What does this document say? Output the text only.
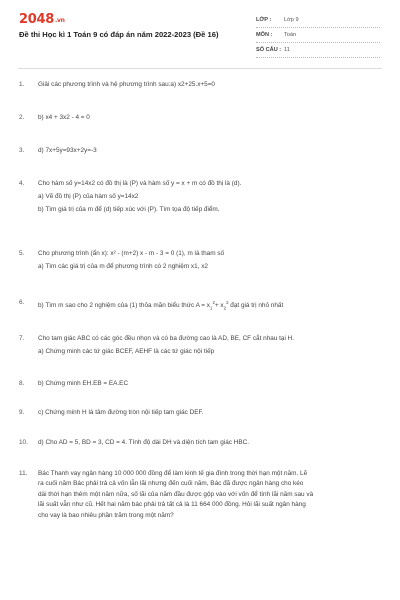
2048.vn
Đề thi Học kì 1 Toán 9 có đáp án năm 2022-2023 (Đề 16)
LỚP :	Lớp 9
MÔN :	Toán
SỐ CÂU : 11
1.	Giải các phương trình và hệ phương trình sau:a) x2+25.x+5=0

2.	b) x4 + 3x2 - 4 = 0

3.	d) 7x+5y=93x+2y=-3

4.	Cho hàm số y=14x2 có đồ thị là (P) và hàm số y = x + m có đồ thị là (d).

a) Vẽ đồ thị (P) của hàm số y=14x2

b) Tìm giá trị của m để (d) tiếp xúc với (P). Tìm tọa độ tiếp điểm.

5.	Cho phương trình (ẩn x): x² - (m+2) x - m - 3 = 0 (1), m là tham số

a) Tìm các giá trị của m để phương trình có 2 nghiệm x1, x2

6.	b) Tìm m sao cho 2 nghiệm của (1) thỏa mãn biểu thức $A = x_1^2+ x_2^2$ đạt giá trị nhỏ nhất

7.	Cho tam giác ABC có các góc đều nhọn và có ba đường cao là AD, BE, CF cắt nhau tại H.

a) Chứng minh các tứ giác BCEF, AEHF là các tứ giác nội tiếp

8.	b) Chứng minh EH.EB = EA.EC

9.	c) Chứng minh H là tâm đường tròn nội tiếp tam giác DEF.

10.	d) Cho AD = 5, BD = 3, CD = 4. Tính độ dài DH và diện tích tam giác HBC.

11.	Bác Thanh vay ngân hàng 10 000 000 đồng để làm kinh tế gia đình trong thời hạn một năm. Lẽ

ra cuối năm Bác phải trả cả vốn lẫn lãi nhưng đến cuối năm, Bác đã được ngân hàng cho kéo

dài thời hạn thêm một năm nữa, số lãi của năm đầu được gộp vào với vốn để tính lãi năm sau và

lãi suất vẫn như cũ. Hết hai năm bác phải trả tất cả là 11 664 000 đồng. Hỏi lãi suất ngân hàng

cho vay là bao nhiêu phần trăm trong một năm?
